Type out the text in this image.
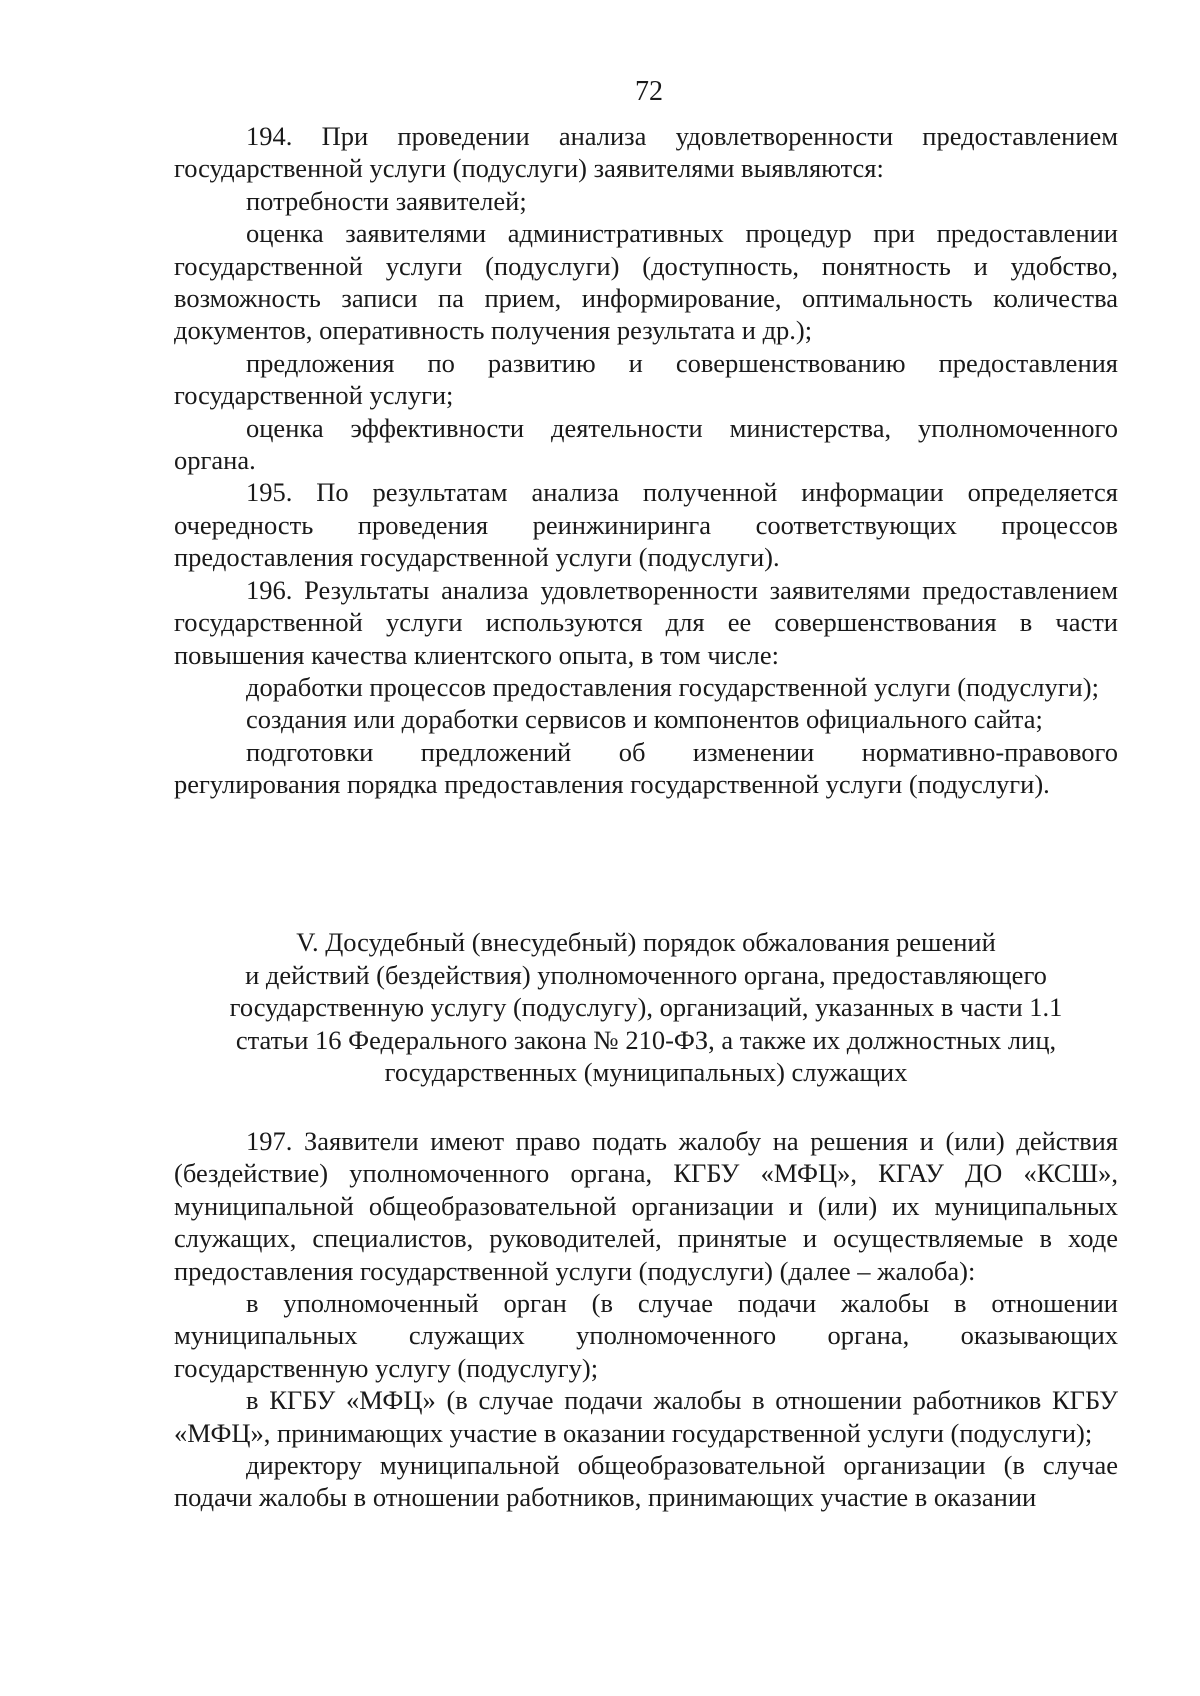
72

194. При проведении анализа удовлетворенности предоставлением государственной услуги (подуслуги) заявителями выявляются:

потребности заявителей;

оценка заявителями административных процедур при предоставлении государственной услуги (подуслуги) (доступность, понятность и удобство, возможность записи па прием, информирование, оптимальность количества документов, оперативность получения результата и др.);

предложения по развитию и совершенствованию предоставления государственной услуги;

оценка эффективности деятельности министерства, уполномоченного органа.

195. По результатам анализа полученной информации определяется очередность проведения реинжиниринга соответствующих процессов предоставления государственной услуги (подуслуги).

196. Результаты анализа удовлетворенности заявителями предоставлением государственной услуги используются для ее совершенствования в части повышения качества клиентского опыта, в том числе:

доработки процессов предоставления государственной услуги (подуслуги);

создания или доработки сервисов и компонентов официального сайта;

подготовки предложений об изменении нормативно-правового регулирования порядка предоставления государственной услуги (подуслуги).

V. Досудебный (внесудебный) порядок обжалования решений
и действий (бездействия) уполномоченного органа, предоставляющего
государственную услугу (подуслугу), организаций, указанных в части 1.1
статьи 16 Федерального закона № 210-ФЗ, а также их должностных лиц,
государственных (муниципальных) служащих

197. Заявители имеют право подать жалобу на решения и (или) действия (бездействие) уполномоченного органа, КГБУ «МФЦ», КГАУ ДО «КСШ», муниципальной общеобразовательной организации и (или) их муниципальных служащих, специалистов, руководителей, принятые и осуществляемые в ходе предоставления государственной услуги (подуслуги) (далее – жалоба):

в уполномоченный орган (в случае подачи жалобы в отношении муниципальных служащих уполномоченного органа, оказывающих государственную услугу (подуслугу);

в КГБУ «МФЦ» (в случае подачи жалобы в отношении работников КГБУ «МФЦ», принимающих участие в оказании государственной услуги (подуслуги);

директору муниципальной общеобразовательной организации (в случае подачи жалобы в отношении работников, принимающих участие в оказании
